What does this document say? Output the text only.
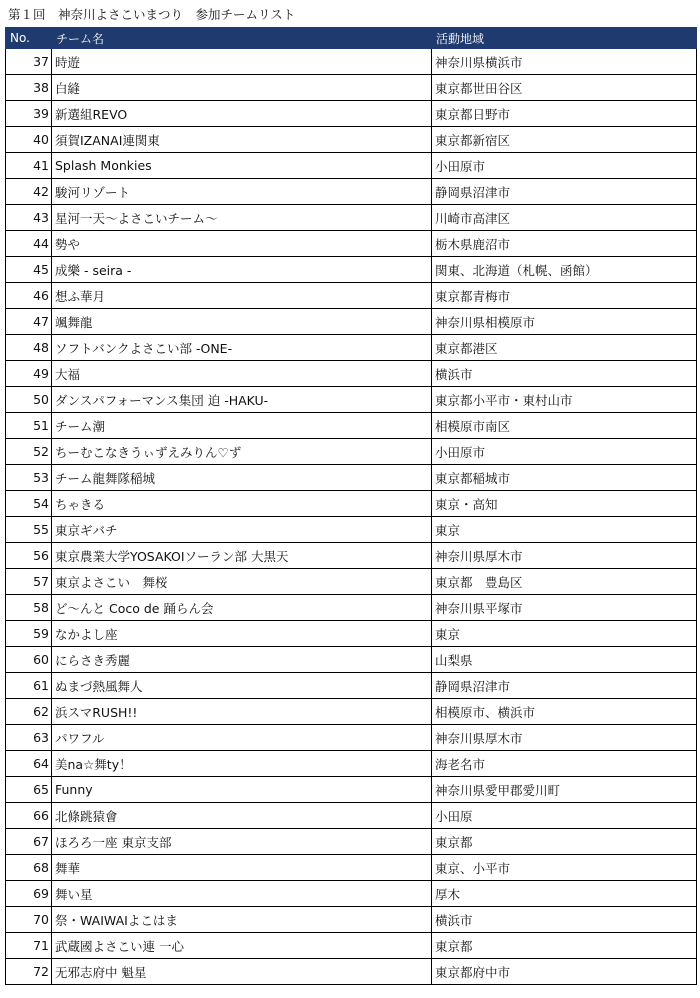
第１回　神奈川よさこいまつり　参加チームリスト
No.	チーム名	活動地域
37	時遊	神奈川県横浜市
38	白縫	東京都世田谷区
39	新選組REVO	東京都日野市
40	須賀IZANAI連関東	東京都新宿区
41	Splash Monkies	小田原市
42	駿河リゾート	静岡県沼津市
43	星河一天～よさこいチーム～	川崎市高津区
44	勢や	栃木県鹿沼市
45	成樂 - seira -	関東、北海道（札幌、函館）
46	想ふ華月	東京都青梅市
47	颯舞龍	神奈川県相模原市
48	ソフトバンクよさこい部 -ONE-	東京都港区
49	大福	横浜市
50	ダンスパフォーマンス集団 迫 -HAKU-	東京都小平市・東村山市
51	チーム潮	相模原市南区
52	ちーむこなきうぃずえみりん♡ず	小田原市
53	チーム龍舞隊稲城	東京都稲城市
54	ちゃきる	東京・高知
55	東京ギバチ	東京
56	東京農業大学YOSAKOIソーラン部 大黒天	神奈川県厚木市
57	東京よさこい　舞桜	東京都　豊島区
58	ど～んと Coco de 踊らん会	神奈川県平塚市
59	なかよし座	東京
60	にらさき秀麗	山梨県
61	ぬまづ熱風舞人	静岡県沼津市
62	浜スマRUSH!!	相模原市、横浜市
63	パワフル	神奈川県厚木市
64	美na☆舞ty！	海老名市
65	Funny	神奈川県愛甲郡愛川町
66	北條跳猿會	小田原
67	ほろろ一座 東京支部	東京都
68	舞華	東京、小平市
69	舞い星	厚木
70	祭・WAIWAIよこはま	横浜市
71	武蔵國よさこい連 一心	東京都
72	无邪志府中 魁星	東京都府中市
